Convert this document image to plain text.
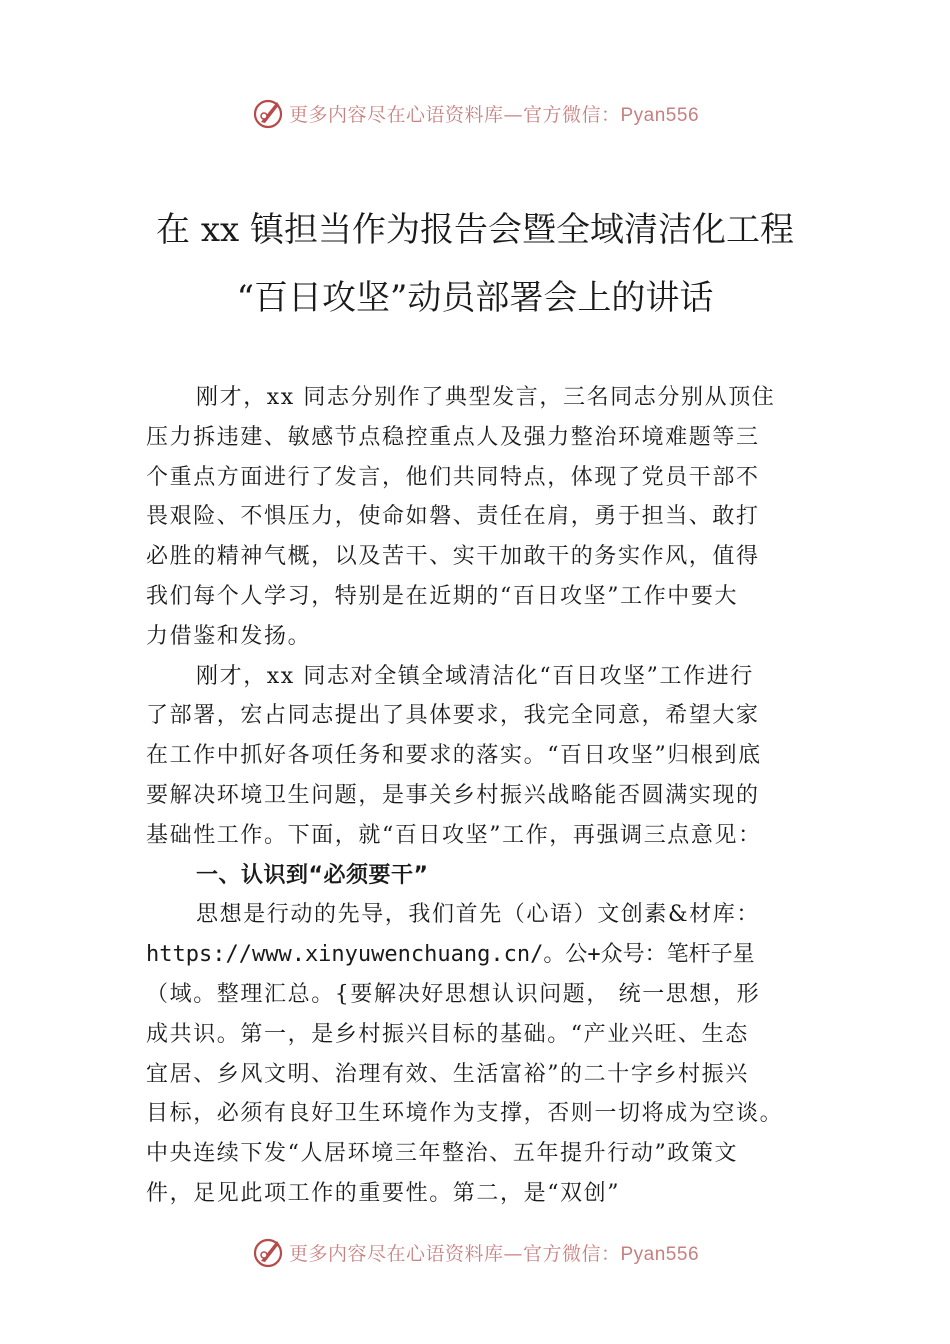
更多内容尽在心语资料库—官方微信：Pyan556
在 xx 镇担当作为报告会暨全域清洁化工程
“百日攻坚”动员部署会上的讲话
刚才，xx 同志分别作了典型发言，三名同志分别从顶住
压力拆违建、敏感节点稳控重点人及强力整治环境难题等三
个重点方面进行了发言，他们共同特点，体现了党员干部不
畏艰险、不惧压力，使命如磐、责任在肩，勇于担当、敢打
必胜的精神气概，以及苦干、实干加敢干的务实作风，值得
我们每个人学习，特别是在近期的“百日攻坚”工作中要大
力借鉴和发扬。
刚才，xx 同志对全镇全域清洁化“百日攻坚”工作进行
了部署，宏占同志提出了具体要求，我完全同意，希望大家
在工作中抓好各项任务和要求的落实。“百日攻坚”归根到底
要解决环境卫生问题，是事关乡村振兴战略能否圆满实现的
基础性工作。下面，就“百日攻坚”工作，再强调三点意见：
一、认识到“必须要干”
思想是行动的先导，我们首先（心语）文创素&材库：
https://www.xinyuwenchuang.cn/。公+众号：笔杆子星
（域。整理汇总。{要解决好思想认识问题， 统一思想，形
成共识。第一，是乡村振兴目标的基础。“产业兴旺、生态
宜居、乡风文明、治理有效、生活富裕”的二十字乡村振兴
目标，必须有良好卫生环境作为支撑，否则一切将成为空谈。
中央连续下发“人居环境三年整治、五年提升行动”政策文
件，足见此项工作的重要性。第二，是“双创”
更多内容尽在心语资料库—官方微信：Pyan556
